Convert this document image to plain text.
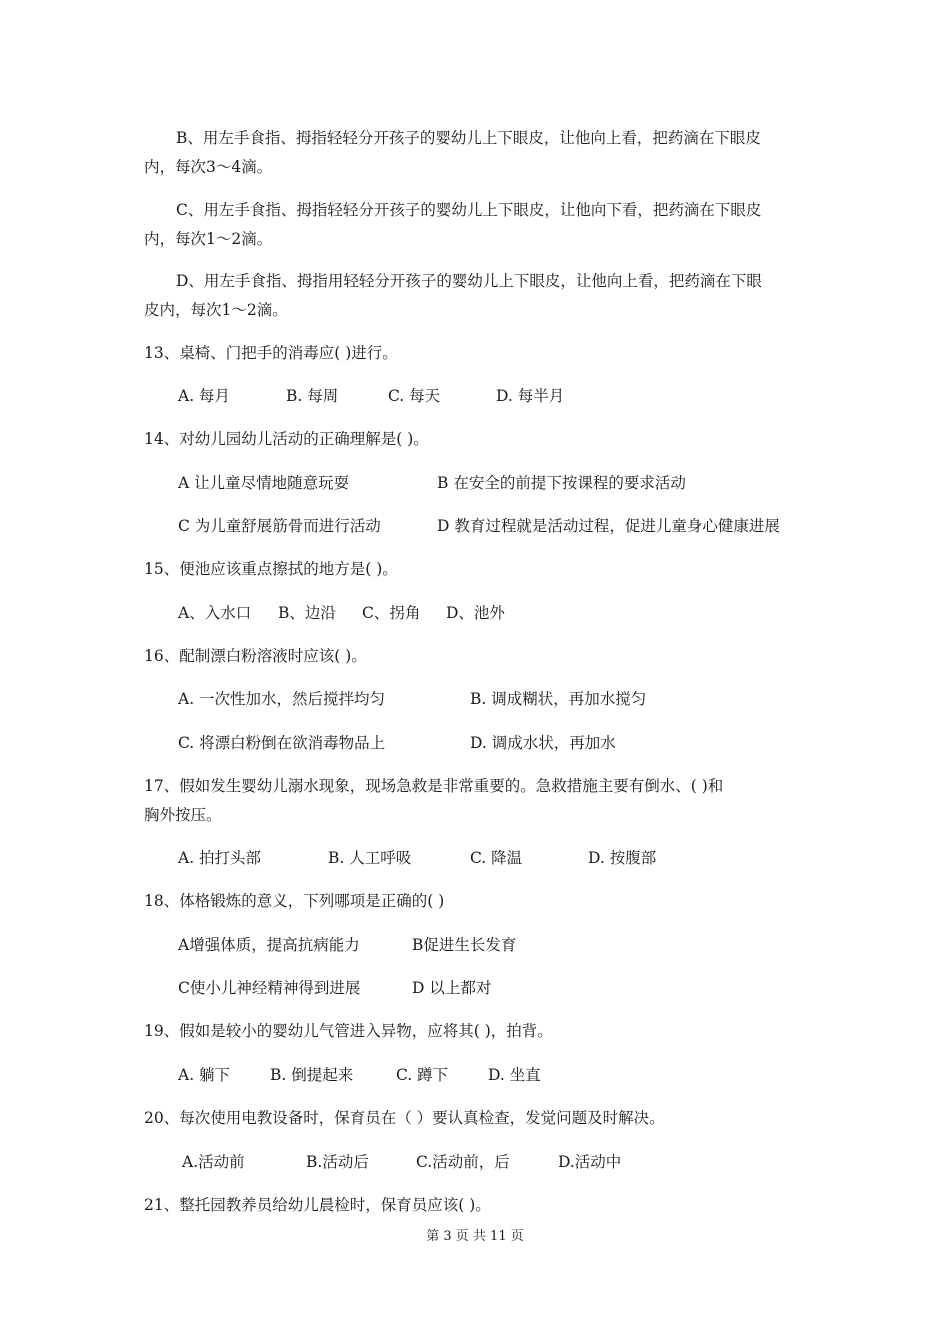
B、用左手食指、拇指轻轻分开孩子的婴幼儿上下眼皮，让他向上看，把药滴在下眼皮
内，每次3～4滴。
C、用左手食指、拇指轻轻分开孩子的婴幼儿上下眼皮，让他向下看，把药滴在下眼皮
内，每次1～2滴。
D、用左手食指、拇指用轻轻分开孩子的婴幼儿上下眼皮，让他向上看，把药滴在下眼
皮内，每次1～2滴。
13、桌椅、门把手的消毒应( )进行。
A. 每月	B. 每周	C. 每天	D. 每半月
14、对幼儿园幼儿活动的正确理解是( )。
A 让儿童尽情地随意玩耍	B 在安全的前提下按课程的要求活动
C 为儿童舒展筋骨而进行活动	D 教育过程就是活动过程，促进儿童身心健康进展
15、便池应该重点擦拭的地方是( )。
A、入水口 B、边沿 C、拐角 D、池外
16、配制漂白粉溶液时应该( )。
A. 一次性加水，然后搅拌均匀	B. 调成糊状，再加水搅匀
C. 将漂白粉倒在欲消毒物品上	D. 调成水状，再加水
17、假如发生婴幼儿溺水现象，现场急救是非常重要的。急救措施主要有倒水、( )和
胸外按压。
A. 拍打头部	B. 人工呼吸	C. 降温	D. 按腹部
18、体格锻炼的意义，下列哪项是正确的( )
A增强体质，提高抗病能力	B促进生长发育
C使小儿神经精神得到进展	D 以上都对
19、假如是较小的婴幼儿气管进入异物，应将其( )，拍背。
A. 躺下	B. 倒提起来	C. 蹲下	D. 坐直
20、每次使用电教设备时，保育员在（ ）要认真检查，发觉问题及时解决。
A.活动前	B.活动后	C.活动前，后	D.活动中
21、整托园教养员给幼儿晨检时，保育员应该( )。
第 3 页 共 11 页
